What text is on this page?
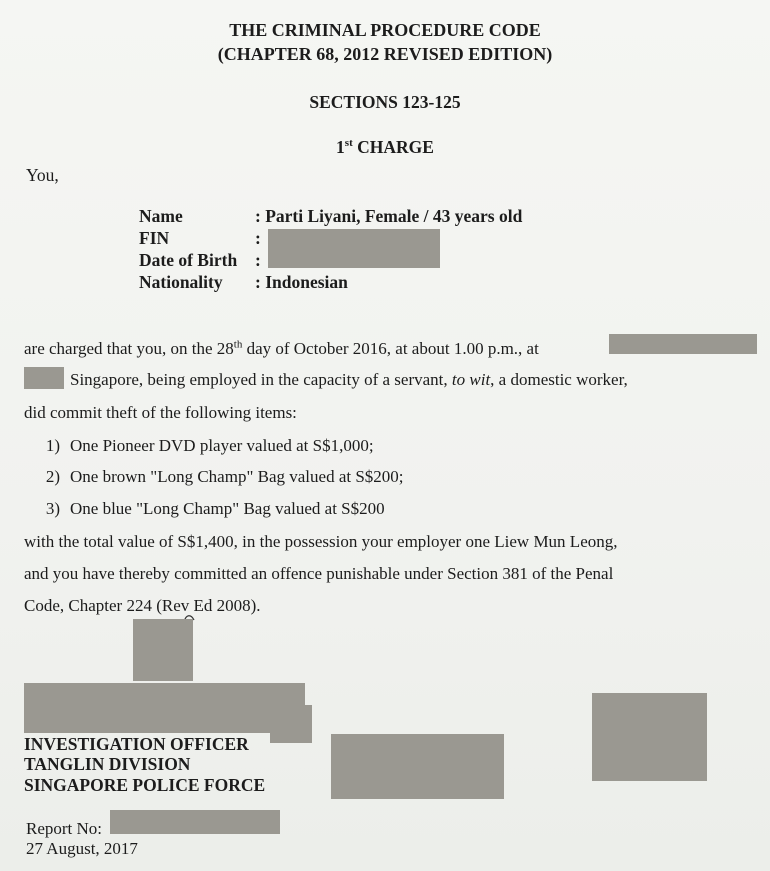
THE CRIMINAL PROCEDURE CODE
(CHAPTER 68, 2012 REVISED EDITION)
SECTIONS 123-125
1st CHARGE
You,
Name	: Parti Liyani, Female / 43 years old
FIN	:
Date of Birth :
Nationality : Indonesian
are charged that you, on the 28th day of October 2016, at about 1.00 p.m., at
Singapore, being employed in the capacity of a servant, to wit, a domestic worker,
did commit theft of the following items:
1) One Pioneer DVD player valued at S$1,000;
2) One brown "Long Champ" Bag valued at S$200;
3) One blue "Long Champ" Bag valued at S$200
with the total value of S$1,400, in the possession your employer one Liew Mun Leong,
and you have thereby committed an offence punishable under Section 381 of the Penal
Code, Chapter 224 (Rev Ed 2008).
INVESTIGATION OFFICER
TANGLIN DIVISION
SINGAPORE POLICE FORCE
Report No:
27 August, 2017
